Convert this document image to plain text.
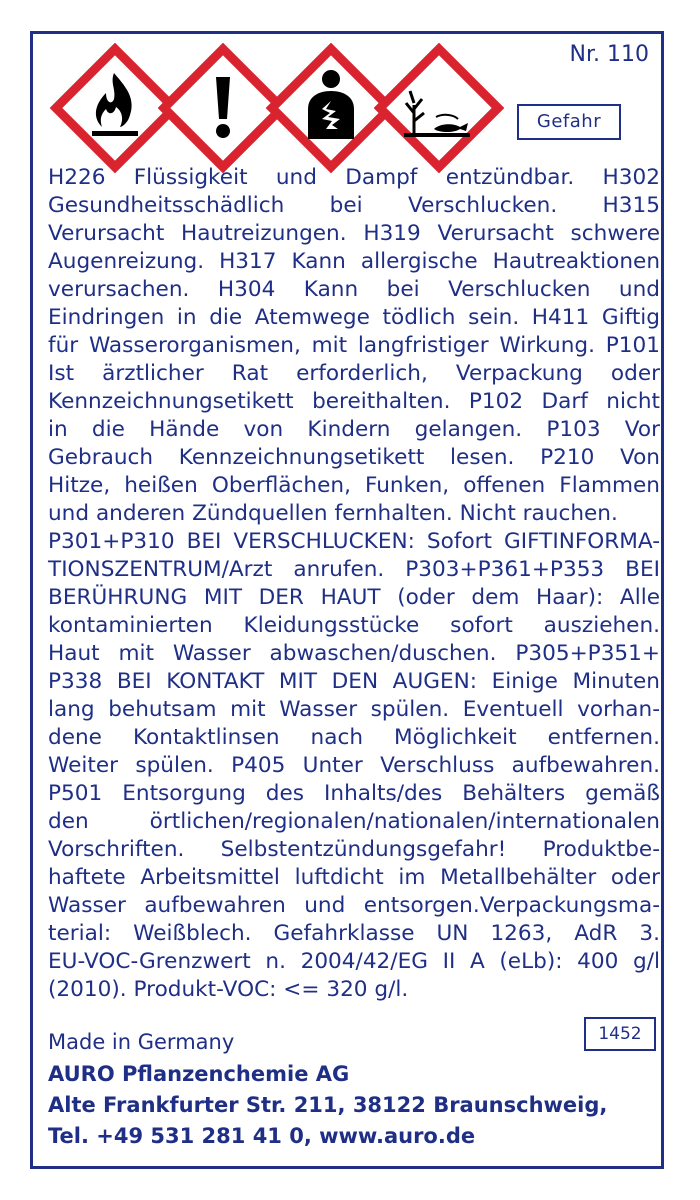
Nr. 110
Gefahr
H226 Flüssigkeit und Dampf entzündbar. H302
Gesundheitsschädlich bei Verschlucken. H315
Verursacht Hautreizungen. H319 Verursacht schwere
Augenreizung. H317 Kann allergische Hautreaktionen
verursachen. H304 Kann bei Verschlucken und
Eindringen in die Atemwege tödlich sein. H411 Giftig
für Wasserorganismen, mit langfristiger Wirkung. P101
Ist ärztlicher Rat erforderlich, Verpackung oder
Kennzeichnungsetikett bereithalten. P102 Darf nicht
in die Hände von Kindern gelangen. P103 Vor
Gebrauch Kennzeichnungsetikett lesen. P210 Von
Hitze, heißen Oberflächen, Funken, offenen Flammen
und anderen Zündquellen fernhalten. Nicht rauchen.
P301+P310 BEI VERSCHLUCKEN: Sofort GIFTINFORMA-
TIONSZENTRUM/Arzt anrufen. P303+P361+P353 BEI
BERÜHRUNG MIT DER HAUT (oder dem Haar): Alle
kontaminierten Kleidungsstücke sofort ausziehen.
Haut mit Wasser abwaschen/duschen. P305+P351+
P338 BEI KONTAKT MIT DEN AUGEN: Einige Minuten
lang behutsam mit Wasser spülen. Eventuell vorhan-
dene Kontaktlinsen nach Möglichkeit entfernen.
Weiter spülen. P405 Unter Verschluss aufbewahren.
P501 Entsorgung des Inhalts/des Behälters gemäß
den örtlichen/regionalen/nationalen/internationalen
Vorschriften. Selbstentzündungsgefahr! Produktbe-
haftete Arbeitsmittel luftdicht im Metallbehälter oder
Wasser aufbewahren und entsorgen.Verpackungsma-
terial: Weißblech. Gefahrklasse UN 1263, AdR 3.
EU-VOC-Grenzwert n. 2004/42/EG II A (eLb): 400 g/l
(2010). Produkt-VOC: <= 320 g/l.
Made in Germany	1452
AURO Pflanzenchemie AG
Alte Frankfurter Str. 211, 38122 Braunschweig,
Tel. +49 531 281 41 0, www.auro.de
